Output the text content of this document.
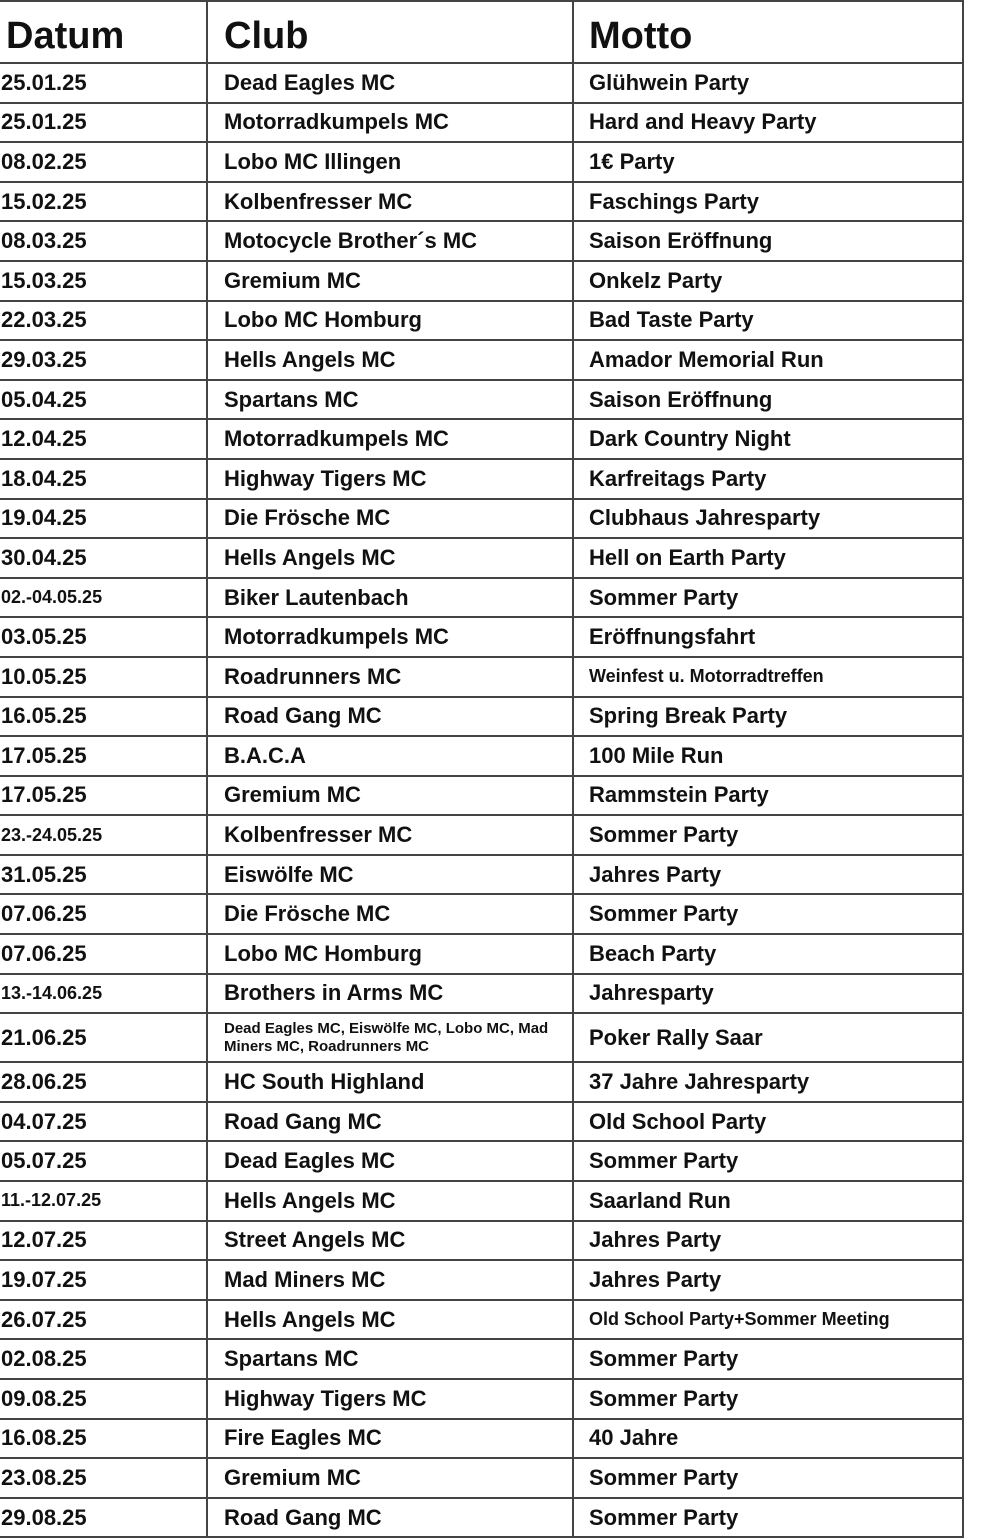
Datum	Club	Motto
25.01.25	Dead Eagles MC	Glühwein Party
25.01.25	Motorradkumpels MC	Hard and Heavy Party
08.02.25	Lobo MC Illingen	1€ Party
15.02.25	Kolbenfresser MC	Faschings Party
08.03.25	Motocycle Brother´s MC	Saison Eröffnung
15.03.25	Gremium MC	Onkelz Party
22.03.25	Lobo MC Homburg	Bad Taste Party
29.03.25	Hells Angels MC	Amador Memorial Run
05.04.25	Spartans MC	Saison Eröffnung
12.04.25	Motorradkumpels MC	Dark Country Night
18.04.25	Highway Tigers MC	Karfreitags Party
19.04.25	Die Frösche MC	Clubhaus Jahresparty
30.04.25	Hells Angels MC	Hell on Earth Party
02.-04.05.25	Biker Lautenbach	Sommer Party
03.05.25	Motorradkumpels MC	Eröffnungsfahrt
10.05.25	Roadrunners MC	Weinfest u. Motorradtreffen
16.05.25	Road Gang MC	Spring Break Party
17.05.25	B.A.C.A	100 Mile Run
17.05.25	Gremium MC	Rammstein Party
23.-24.05.25	Kolbenfresser MC	Sommer Party
31.05.25	Eiswölfe MC	Jahres Party
07.06.25	Die Frösche MC	Sommer Party
07.06.25	Lobo MC Homburg	Beach Party
13.-14.06.25	Brothers in Arms MC	Jahresparty
21.06.25	Dead Eagles MC, Eiswölfe MC, Lobo MC, Mad Miners MC, Roadrunners MC	Poker Rally Saar
28.06.25	HC South Highland	37 Jahre Jahresparty
04.07.25	Road Gang MC	Old School Party
05.07.25	Dead Eagles MC	Sommer Party
11.-12.07.25	Hells Angels MC	Saarland Run
12.07.25	Street Angels MC	Jahres Party
19.07.25	Mad Miners MC	Jahres Party
26.07.25	Hells Angels MC	Old School Party+Sommer Meeting
02.08.25	Spartans MC	Sommer Party
09.08.25	Highway Tigers MC	Sommer Party
16.08.25	Fire Eagles MC	40 Jahre
23.08.25	Gremium MC	Sommer Party
29.08.25	Road Gang MC	Sommer Party
